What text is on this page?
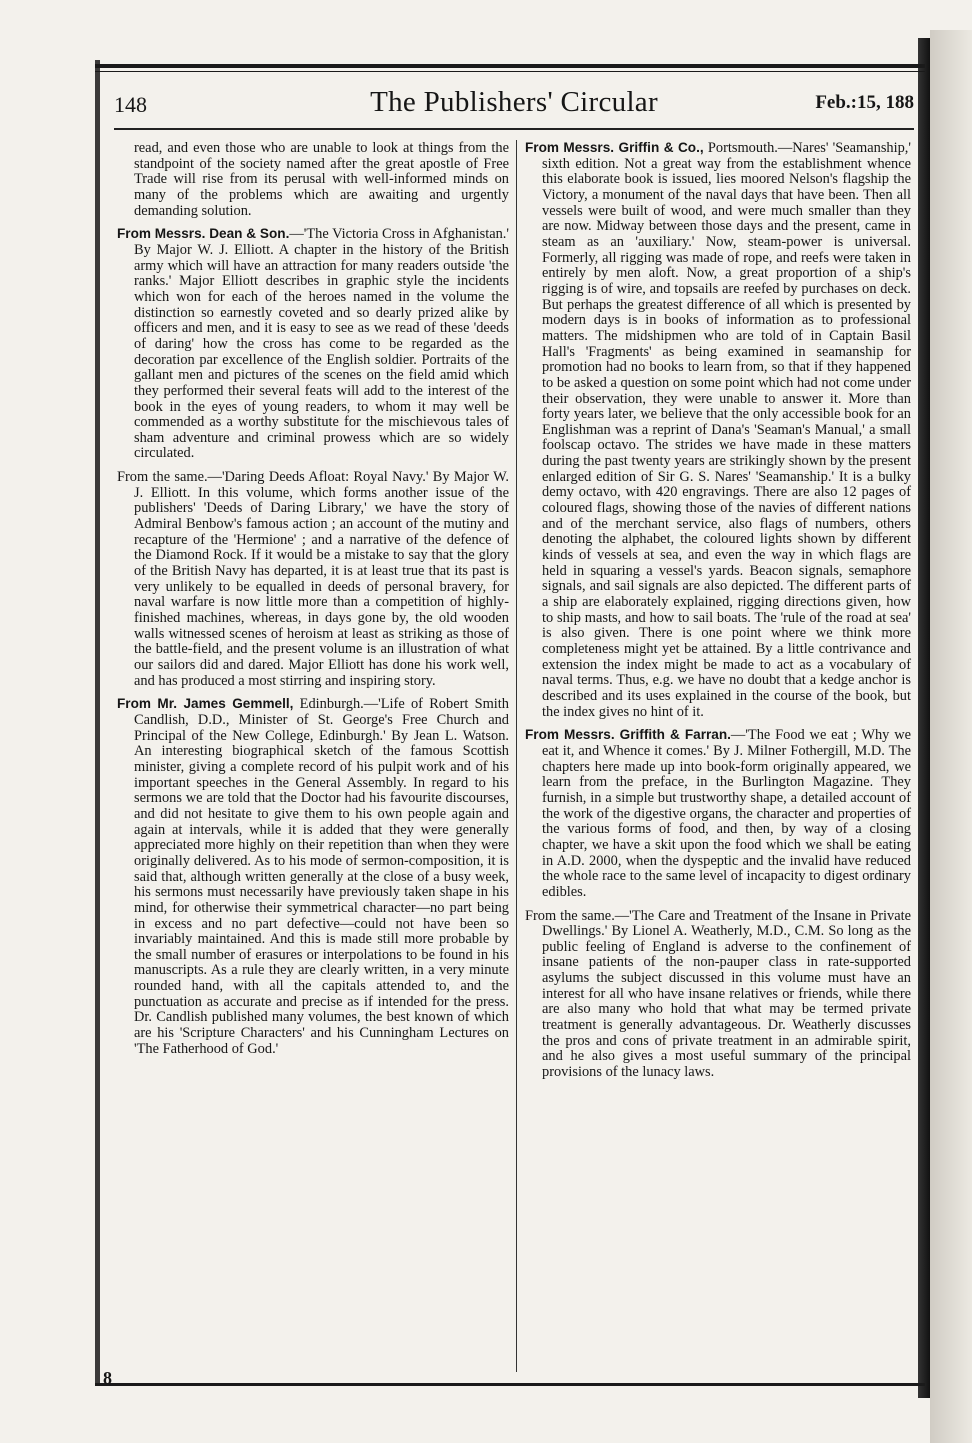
148	The Publishers' Circular	Feb.:15, 188

read, and even those who are unable to look at things from the standpoint of the society named after the great apostle of Free Trade will rise from its perusal with well-informed minds on many of the problems which are awaiting and urgently demanding solution.

From Messrs. Dean & Son.—'The Victoria Cross in Afghanistan.' By Major W. J. Elliott. A chapter in the history of the British army which will have an attraction for many readers outside 'the ranks.' Major Elliott describes in graphic style the incidents which won for each of the heroes named in the volume the distinction so earnestly coveted and so dearly prized alike by officers and men, and it is easy to see as we read of these 'deeds of daring' how the cross has come to be regarded as the decoration par excellence of the English soldier. Portraits of the gallant men and pictures of the scenes on the field amid which they performed their several feats will add to the interest of the book in the eyes of young readers, to whom it may well be commended as a worthy substitute for the mischievous tales of sham adventure and criminal prowess which are so widely circulated.

From the same.—'Daring Deeds Afloat: Royal Navy.' By Major W. J. Elliott. In this volume, which forms another issue of the publishers' 'Deeds of Daring Library,' we have the story of Admiral Benbow's famous action ; an account of the mutiny and recapture of the 'Hermione' ; and a narrative of the defence of the Diamond Rock. If it would be a mistake to say that the glory of the British Navy has departed, it is at least true that its past is very unlikely to be equalled in deeds of personal bravery, for naval warfare is now little more than a competition of highly-finished machines, whereas, in days gone by, the old wooden walls witnessed scenes of heroism at least as striking as those of the battle-field, and the present volume is an illustration of what our sailors did and dared. Major Elliott has done his work well, and has produced a most stirring and inspiring story.

From Mr. James Gemmell, Edinburgh.—'Life of Robert Smith Candlish, D.D., Minister of St. George's Free Church and Principal of the New College, Edinburgh.' By Jean L. Watson. An interesting biographical sketch of the famous Scottish minister, giving a complete record of his pulpit work and of his important speeches in the General Assembly. In regard to his sermons we are told that the Doctor had his favourite discourses, and did not hesitate to give them to his own people again and again at intervals, while it is added that they were generally appreciated more highly on their repetition than when they were originally delivered. As to his mode of sermon-composition, it is said that, although written generally at the close of a busy week, his sermons must necessarily have previously taken shape in his mind, for otherwise their symmetrical character—no part being in excess and no part defective—could not have been so invariably maintained. And this is made still more probable by the small number of erasures or interpolations to be found in his manuscripts. As a rule they are clearly written, in a very minute rounded hand, with all the capitals attended to, and the punctuation as accurate and precise as if intended for the press. Dr. Candlish published many volumes, the best known of which are his 'Scripture Characters' and his Cunningham Lectures on 'The Fatherhood of God.'

From Messrs. Griffin & Co., Portsmouth.—Nares' 'Seamanship,' sixth edition. Not a great way from the establishment whence this elaborate book is issued, lies moored Nelson's flagship the Victory, a monument of the naval days that have been. Then all vessels were built of wood, and were much smaller than they are now. Midway between those days and the present, came in steam as an 'auxiliary.' Now, steam-power is universal. Formerly, all rigging was made of rope, and reefs were taken in entirely by men aloft. Now, a great proportion of a ship's rigging is of wire, and topsails are reefed by purchases on deck. But perhaps the greatest difference of all which is presented by modern days is in books of information as to professional matters. The midshipmen who are told of in Captain Basil Hall's 'Fragments' as being examined in seamanship for promotion had no books to learn from, so that if they happened to be asked a question on some point which had not come under their observation, they were unable to answer it. More than forty years later, we believe that the only accessible book for an Englishman was a reprint of Dana's 'Seaman's Manual,' a small foolscap octavo. The strides we have made in these matters during the past twenty years are strikingly shown by the present enlarged edition of Sir G. S. Nares' 'Seamanship.' It is a bulky demy octavo, with 420 engravings. There are also 12 pages of coloured flags, showing those of the navies of different nations and of the merchant service, also flags of numbers, others denoting the alphabet, the coloured lights shown by different kinds of vessels at sea, and even the way in which flags are held in squaring a vessel's yards. Beacon signals, semaphore signals, and sail signals are also depicted. The different parts of a ship are elaborately explained, rigging directions given, how to ship masts, and how to sail boats. The 'rule of the road at sea' is also given. There is one point where we think more completeness might yet be attained. By a little contrivance and extension the index might be made to act as a vocabulary of naval terms. Thus, e.g. we have no doubt that a kedge anchor is described and its uses explained in the course of the book, but the index gives no hint of it.

From Messrs. Griffith & Farran.—'The Food we eat ; Why we eat it, and Whence it comes.' By J. Milner Fothergill, M.D. The chapters here made up into book-form originally appeared, we learn from the preface, in the Burlington Magazine. They furnish, in a simple but trustworthy shape, a detailed account of the work of the digestive organs, the character and properties of the various forms of food, and then, by way of a closing chapter, we have a skit upon the food which we shall be eating in A.D. 2000, when the dyspeptic and the invalid have reduced the whole race to the same level of incapacity to digest ordinary edibles.

From the same.—'The Care and Treatment of the Insane in Private Dwellings.' By Lionel A. Weatherly, M.D., C.M. So long as the public feeling of England is adverse to the confinement of insane patients of the non-pauper class in rate-supported asylums the subject discussed in this volume must have an interest for all who have insane relatives or friends, while there are also many who hold that what may be termed private treatment is generally advantageous. Dr. Weatherly discusses the pros and cons of private treatment in an admirable spirit, and he also gives a most useful summary of the principal provisions of the lunacy laws.

8
